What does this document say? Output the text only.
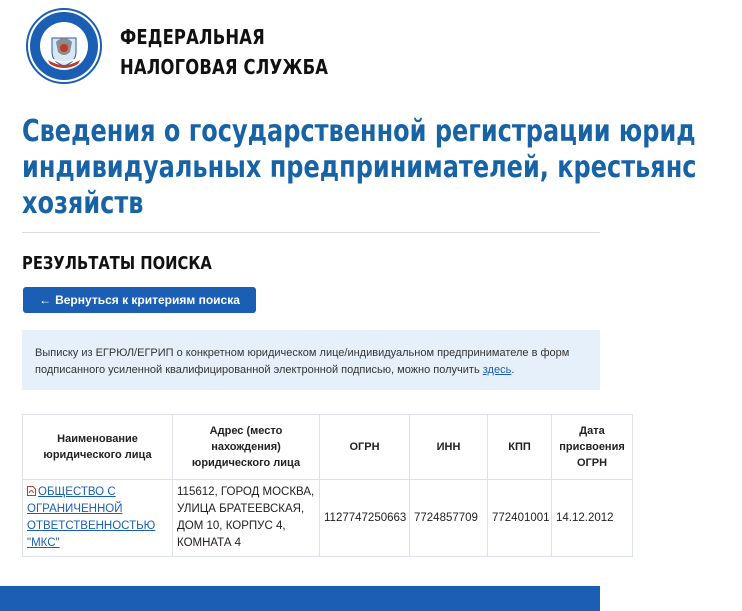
ФЕДЕРАЛЬНАЯ
НАЛОГОВАЯ СЛУЖБА
Сведения о государственной регистрации юрид
индивидуальных предпринимателей, крестьянс
хозяйств
РЕЗУЛЬТАТЫ ПОИСКА
← Вернуться к критериям поиска
Выписку из ЕГРЮЛ/ЕГРИП о конкретном юридическом лице/индивидуальном предпринимателе в форм
подписанного усиленной квалифицированной электронной подписью, можно получить здесь.
Наименование юридического лица	Адрес (место нахождения) юридического лица	ОГРН	ИНН	КПП	Дата присвоения ОГРН
ОБЩЕСТВО С ОГРАНИЧЕННОЙ ОТВЕТСТВЕННОСТЬЮ "МКС"	115612, ГОРОД МОСКВА, УЛИЦА БРАТЕЕВСКАЯ, ДОМ 10, КОРПУС 4, КОМНАТА 4	1127747250663	7724857709	772401001	14.12.2012
